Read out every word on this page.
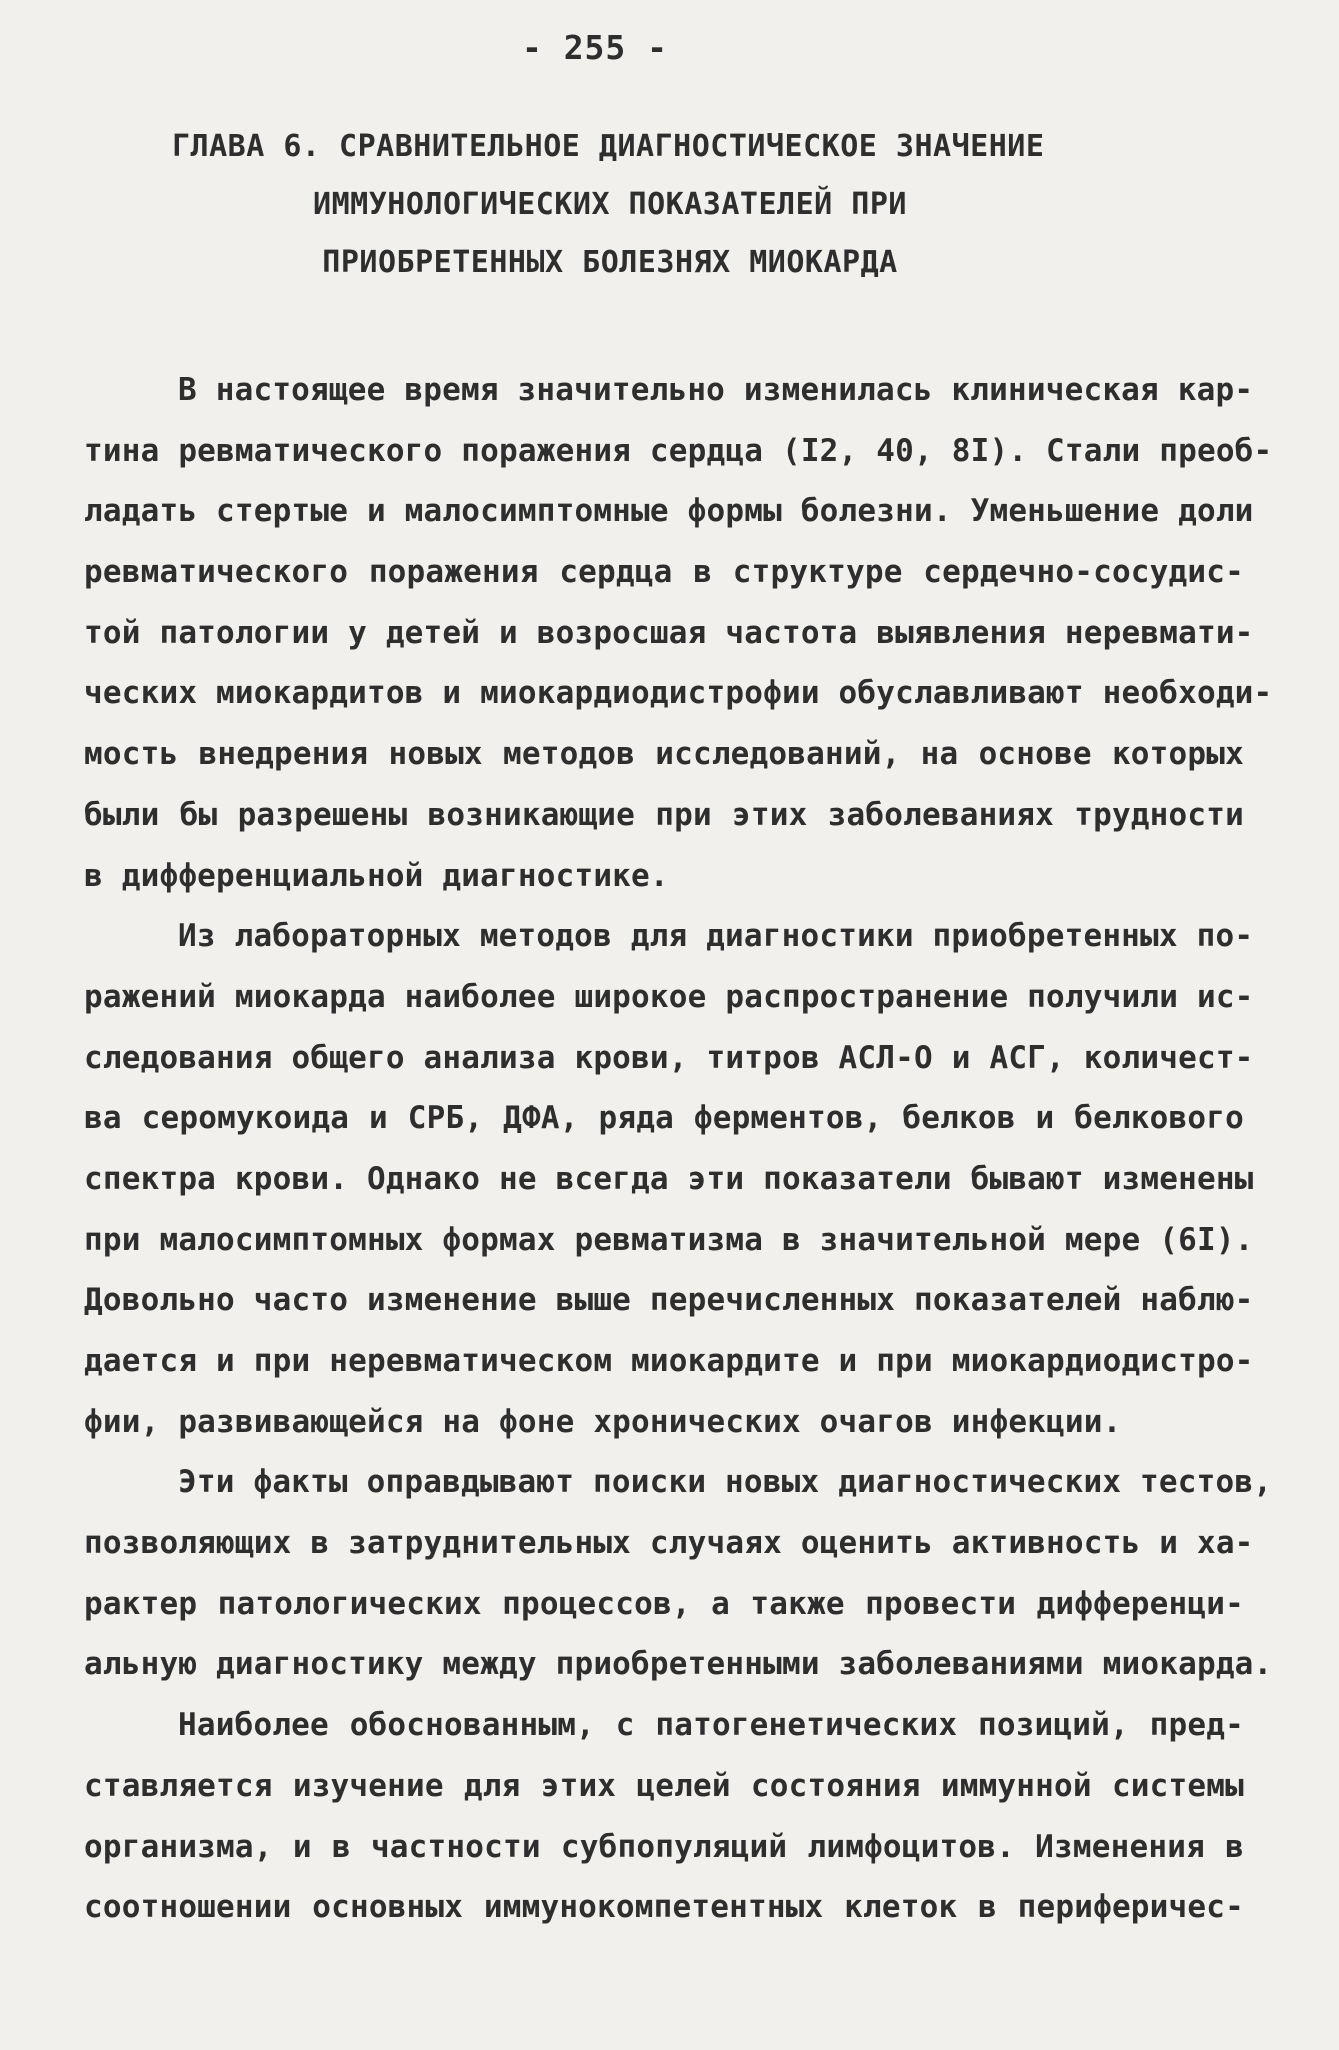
- 255 -
ГЛАВА 6. СРАВНИТЕЛЬНОЕ ДИАГНОСТИЧЕСКОЕ ЗНАЧЕНИЕ
ИММУНОЛОГИЧЕСКИХ ПОКАЗАТЕЛЕЙ ПРИ
ПРИОБРЕТЕННЫХ БОЛЕЗНЯХ МИОКАРДА
В настоящее время значительно изменилась клиническая кар-
тина ревматического поражения сердца (I2, 40, 8I). Стали преоб-
ладать стертые и малосимптомные формы болезни. Уменьшение доли
ревматического поражения сердца в структуре сердечно-сосудис-
той патологии у детей и возросшая частота выявления неревмати-
ческих миокардитов и миокардиодистрофии обуславливают необходи-
мость внедрения новых методов исследований, на основе которых
были бы разрешены возникающие при этих заболеваниях трудности
в дифференциальной диагностике.
Из лабораторных методов для диагностики приобретенных по-
ражений миокарда наиболее широкое распространение получили ис-
следования общего анализа крови, титров АСЛ-О и АСГ, количест-
ва серомукоида и СРБ, ДФА, ряда ферментов, белков и белкового
спектра крови. Однако не всегда эти показатели бывают изменены
при малосимптомных формах ревматизма в значительной мере (6I).
Довольно часто изменение выше перечисленных показателей наблю-
дается и при неревматическом миокардите и при миокардиодистро-
фии, развивающейся на фоне хронических очагов инфекции.
Эти факты оправдывают поиски новых диагностических тестов,
позволяющих в затруднительных случаях оценить активность и ха-
рактер патологических процессов, а также провести дифференци-
альную диагностику между приобретенными заболеваниями миокарда.
Наиболее обоснованным, с патогенетических позиций, пред-
ставляется изучение для этих целей состояния иммунной системы
организма, и в частности субпопуляций лимфоцитов. Изменения в
соотношении основных иммунокомпетентных клеток в периферичес-
